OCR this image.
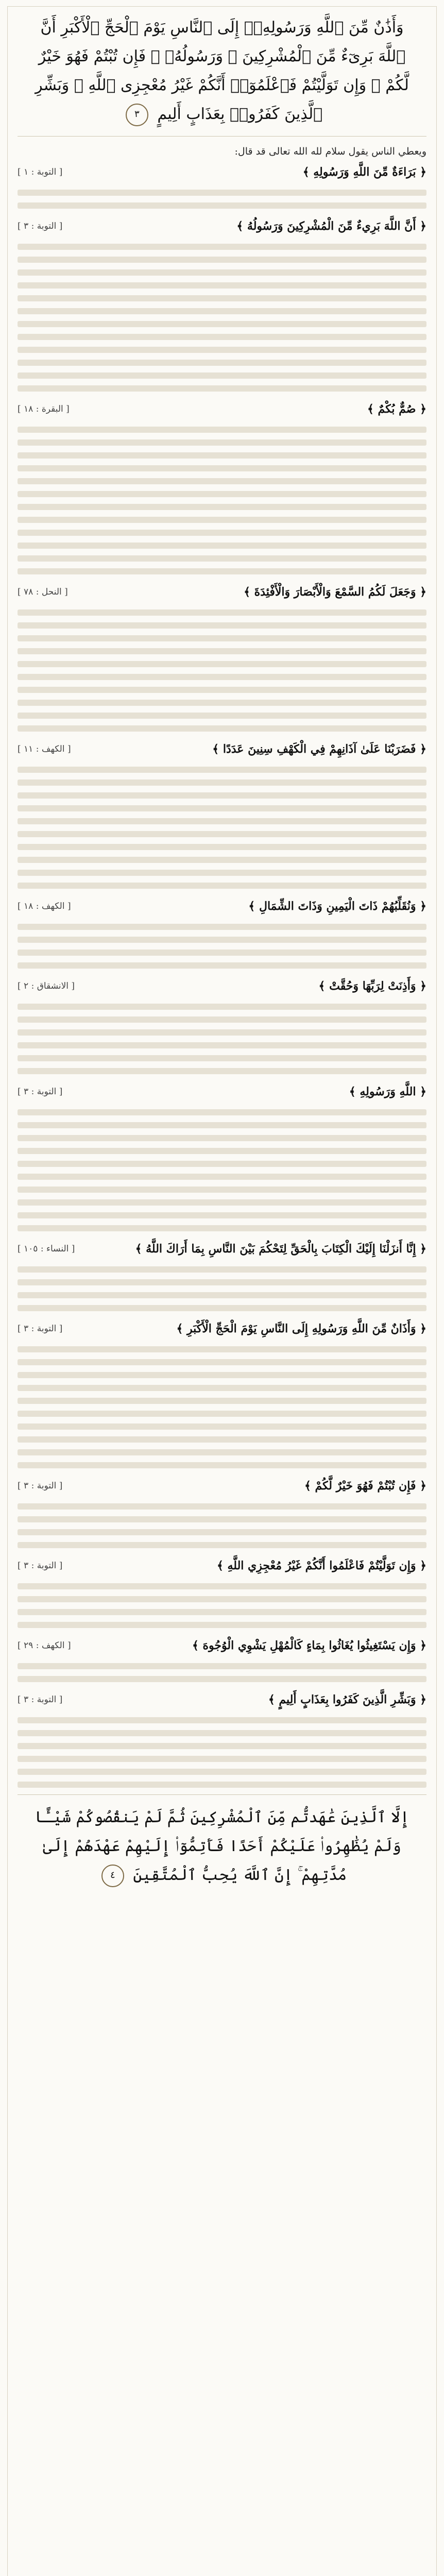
وَأَذَٰنٌ مِّنَ ٱللَّهِ وَرَسُولِهِۦٓ إِلَى ٱلنَّاسِ يَوْمَ ٱلْحَجِّ ٱلْأَكْبَرِ أَنَّ ٱللَّهَ بَرِىٓءٌ مِّنَ ٱلْمُشْرِكِينَ ۙ وَرَسُولُهُۥ ۚ فَإِن تُبْتُمْ فَهُوَ خَيْرٌ لَّكُمْ ۖ وَإِن تَوَلَّيْتُمْ فَٱعْلَمُوٓا۟ أَنَّكُمْ غَيْرُ مُعْجِزِى ٱللَّهِ ۗ وَبَشِّرِ ٱلَّذِينَ كَفَرُوا۟ بِعَذَابٍ أَلِيمٍ ٣

ويعطي الناس يقول سلام لله الله تعالى قد قال:

﴿ بَرَاءَةٌ مِّنَ اللَّهِ وَرَسُولِهِ ﴾
[ التوبة : ١ ]
﴿ أَنَّ اللَّهَ بَرِيءٌ مِّنَ الْمُشْرِكِينَ وَرَسُولُهُ ﴾
[ التوبة : ٣ ]
﴿ صُمٌّ بُكْمٌ ﴾
[ البقرة : ١٨ ]
﴿ وَجَعَلَ لَكُمُ السَّمْعَ وَالْأَبْصَارَ وَالْأَفْئِدَةَ ﴾
[ النحل : ٧٨ ]
﴿ فَضَرَبْنَا عَلَىٰ آذَانِهِمْ فِي الْكَهْفِ سِنِينَ عَدَدًا ﴾
[ الكهف : ١١ ]
﴿ وَنُقَلِّبُهُمْ ذَاتَ الْيَمِينِ وَذَاتَ الشِّمَالِ ﴾
[ الكهف : ١٨ ]
﴿ وَأَذِنَتْ لِرَبِّهَا وَحُقَّتْ ﴾
[ الانشقاق : ٢ ]
﴿ اللَّهِ وَرَسُولِهِ ﴾
[ التوبة : ٣ ]
﴿ إِنَّا أَنزَلْنَا إِلَيْكَ الْكِتَابَ بِالْحَقِّ لِتَحْكُمَ بَيْنَ النَّاسِ بِمَا أَرَاكَ اللَّهُ ﴾
[ النساء : ١٠٥ ]
﴿ وَأَذَانٌ مِّنَ اللَّهِ وَرَسُولِهِ إِلَى النَّاسِ يَوْمَ الْحَجِّ الْأَكْبَرِ ﴾
[ التوبة : ٣ ]
﴿ فَإِن تُبْتُمْ فَهُوَ خَيْرٌ لَّكُمْ ﴾
[ التوبة : ٣ ]
﴿ وَإِن تَوَلَّيْتُمْ فَاعْلَمُوا أَنَّكُمْ غَيْرُ مُعْجِزِي اللَّهِ ﴾
[ التوبة : ٣ ]
﴿ وَإِن يَسْتَغِيثُوا يُغَاثُوا بِمَاءٍ كَالْمُهْلِ يَشْوِي الْوُجُوهَ ﴾
[ الكهف : ٢٩ ]
﴿ وَبَشِّرِ الَّذِينَ كَفَرُوا بِعَذَابٍ أَلِيمٍ ﴾
[ التوبة : ٣ ]
إِلَّا ٱلَّذِينَ عَٰهَدتُّم مِّنَ ٱلْمُشْرِكِينَ ثُمَّ لَمْ يَنقُصُوكُمْ شَيْـًٔا وَلَمْ يُظَٰهِرُوا۟ عَلَيْكُمْ أَحَدًا فَأَتِمُّوٓا۟ إِلَيْهِمْ عَهْدَهُمْ إِلَىٰ مُدَّتِهِمْ ۚ إِنَّ ٱللَّهَ يُحِبُّ ٱلْمُتَّقِينَ ٤
